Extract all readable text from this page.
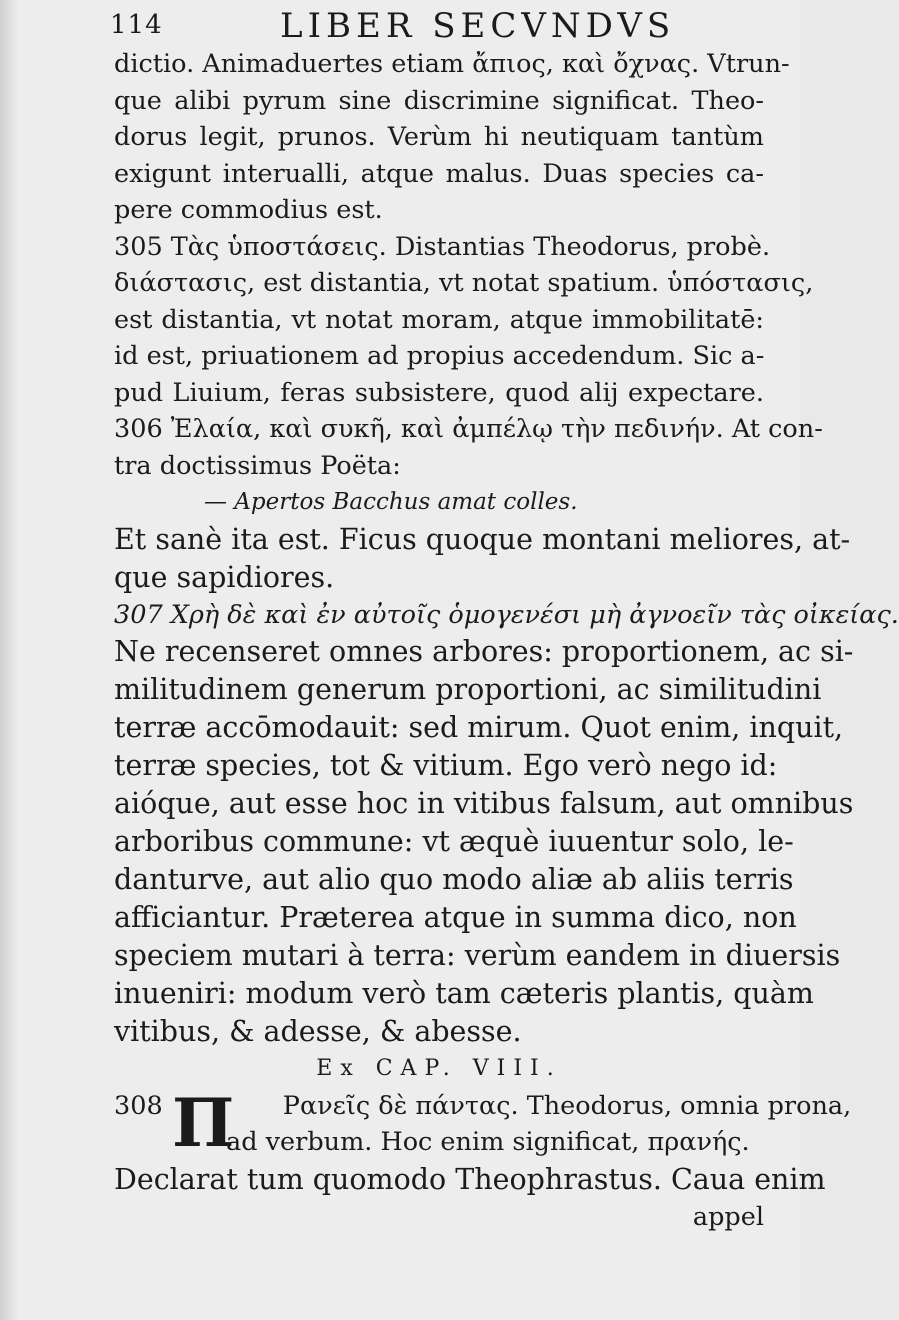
114	LIBER SECVNDVS
dictio. Animaduertes etiam ἄπιος, καὶ ὄχνας. Vtrun-
que alibi pyrum sine discrimine significat. Theo-
dorus legit, prunos. Verùm hi neutiquam tantùm
exigunt interualli, atque malus. Duas species ca-
pere commodius est.
305 Τὰς ὑποστάσεις. Distantias Theodorus, probè.
διάστασις, est distantia, vt notat spatium. ὑπόστασις,
est distantia, vt notat moram, atque immobilitatē:
id est, priuationem ad propius accedendum. Sic a-
pud Liuium, feras subsistere, quod alij expectare.
306 Ἐλαία, καὶ συκῆ, καὶ ἀμπέλῳ τὴν πεδινήν. At con-
tra doctissimus Poëta:
— Apertos Bacchus amat colles.
Et sanè ita est. Ficus quoque montani meliores, at-
que sapidiores.
307 Χρὴ δὲ καὶ ἐν αὐτοῖς ὁμογενέσι μὴ ἀγνοεῖν τὰς οἰκείας.
Ne recenseret omnes arbores: proportionem, ac si-
militudinem generum proportioni, ac similitudini
terræ accōmodauit: sed mirum. Quot enim, inquit,
terræ species, tot & vitium. Ego verò nego id:
aióque, aut esse hoc in vitibus falsum, aut omnibus
arboribus commune: vt æquè iuuentur solo, le-
danturve, aut alio quo modo aliæ ab aliis terris
afficiantur. Præterea atque in summa dico, non
speciem mutari à terra: verùm eandem in diuersis
inueniri: modum verò tam cæteris plantis, quàm
vitibus, & adesse, & abesse.
Ex CAP. VIII.
308 Π Ρανεῖς δὲ πάντας. Theodorus, omnia prona,
ad verbum. Hoc enim significat, πρανής.
Declarat tum quomodo Theophrastus. Caua enim
appel
